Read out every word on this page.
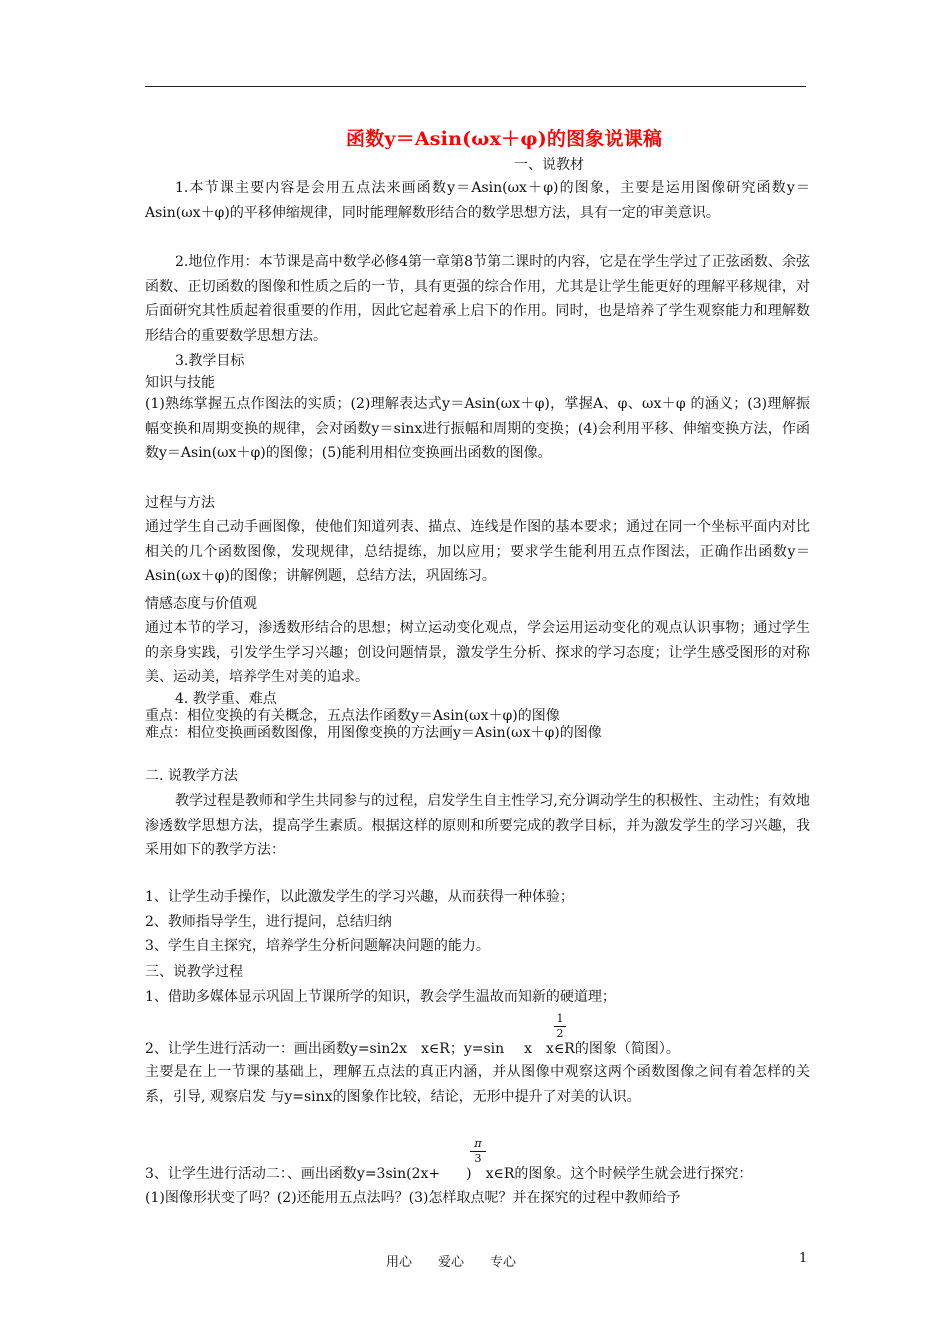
函数y＝Asin(ωx＋φ)的图象说课稿
一、说教材
1.本节课主要内容是会用五点法来画函数y＝Asin(ωx＋φ)的图象，主要是运用图像研究函数y＝Asin(ωx＋φ)的平移伸缩规律，同时能理解数形结合的数学思想方法，具有一定的审美意识。
2.地位作用：本节课是高中数学必修4第一章第8节第二课时的内容，它是在学生学过了正弦函数、余弦函数、正切函数的图像和性质之后的一节，具有更强的综合作用，尤其是让学生能更好的理解平移规律，对后面研究其性质起着很重要的作用，因此它起着承上启下的作用。同时，也是培养了学生观察能力和理解数形结合的重要数学思想方法。
3.教学目标
知识与技能
(1)熟练掌握五点作图法的实质；(2)理解表达式y＝Asin(ωx＋φ)，掌握A、φ、ωx＋φ 的涵义；(3)理解振幅变换和周期变换的规律，会对函数y＝sinx进行振幅和周期的变换；(4)会利用平移、伸缩变换方法，作函数y＝Asin(ωx＋φ)的图像；(5)能利用相位变换画出函数的图像。
过程与方法
通过学生自己动手画图像，使他们知道列表、描点、连线是作图的基本要求；通过在同一个坐标平面内对比相关的几个函数图像，发现规律，总结提练，加以应用；要求学生能利用五点作图法，正确作出函数y＝Asin(ωx＋φ)的图像；讲解例题，总结方法，巩固练习。
情感态度与价值观
通过本节的学习，渗透数形结合的思想；树立运动变化观点，学会运用运动变化的观点认识事物；通过学生的亲身实践，引发学生学习兴趣；创设问题情景，激发学生分析、探求的学习态度；让学生感受图形的对称美、运动美，培养学生对美的追求。
4. 教学重、难点
重点：相位变换的有关概念，五点法作函数y＝Asin(ωx＋φ)的图像
难点：相位变换画函数图像，用图像变换的方法画y＝Asin(ωx＋φ)的图像
二. 说教学方法
教学过程是教师和学生共同参与的过程，启发学生自主性学习,充分调动学生的积极性、主动性；有效地渗透数学思想方法，提高学生素质。根据这样的原则和所要完成的教学目标，并为激发学生的学习兴趣，我采用如下的教学方法：
1、让学生动手操作，以此激发学生的学习兴趣，从而获得一种体验；
2、教师指导学生，进行提问，总结归纳
3、学生自主探究，培养学生分析问题解决问题的能力。
三、说教学过程
1、借助多媒体显示巩固上节课所学的知识，教会学生温故而知新的硬道理；
2、让学生进行活动一：画出函数y=sin2x　x∈R；y=sin x　x∈R的图象（简图）。
1
2
主要是在上一节课的基础上，理解五点法的真正内涵，并从图像中观察这两个函数图像之间有着怎样的关系，引导, 观察启发 与y=sinx的图象作比较，结论，无形中提升了对美的认识。
3、让学生进行活动二：、画出函数y=3sin(2x+ )　x∈R的图象。这个时候学生就会进行探究：
π
3
(1)图像形状变了吗？(2)还能用五点法吗？(3)怎样取点呢？并在探究的过程中教师给予
用心　　爱心　　专心	1
